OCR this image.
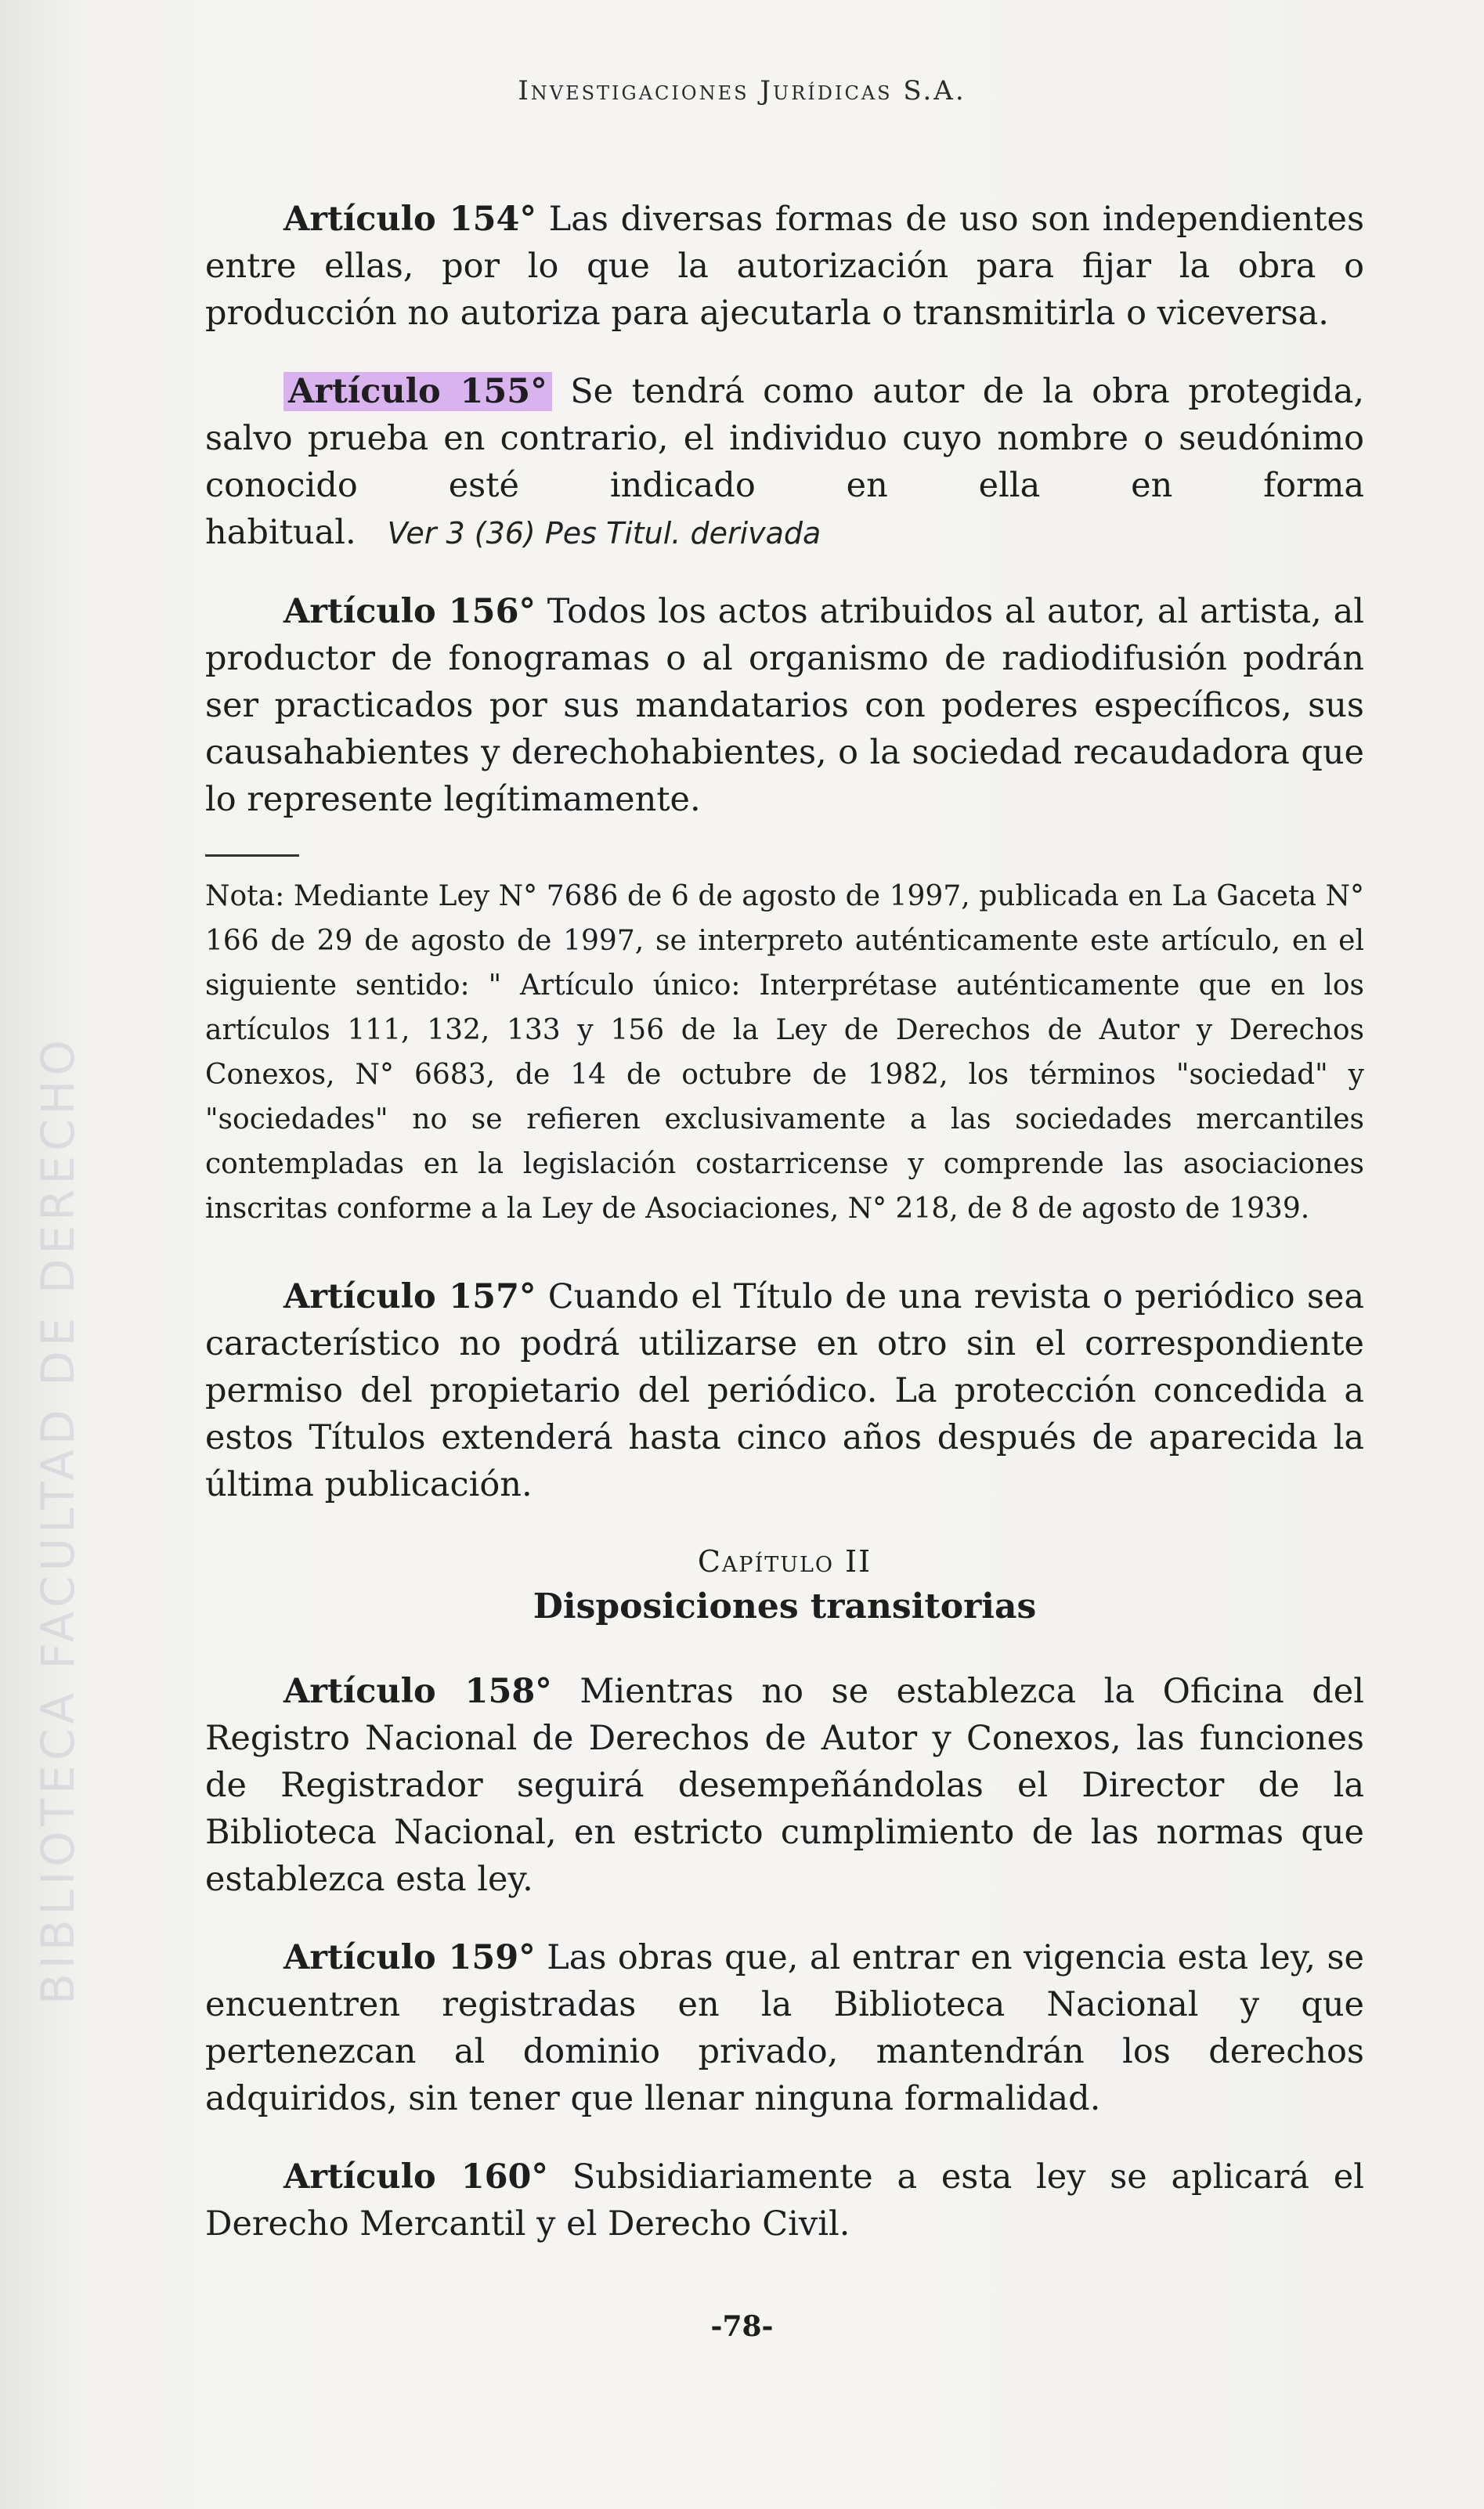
BIBLIOTECA FACULTAD DE DERECHO
Investigaciones Jurídicas S.A.

Artículo 154° Las diversas formas de uso son independientes entre ellas, por lo que la autorización para fijar la obra o producción no autoriza para ajecutarla o transmitirla o viceversa.

Artículo 155° Se tendrá como autor de la obra protegida, salvo prueba en contrario, el individuo cuyo nombre o seudónimo conocido esté indicado en ella en forma habitual. Ver 3 (36) Pes Titul. derivada

Artículo 156° Todos los actos atribuidos al autor, al artista, al productor de fonogramas o al organismo de radiodifusión podrán ser practicados por sus mandatarios con poderes específicos, sus causahabientes y derechohabientes, o la sociedad recaudadora que lo represente legítimamente.

Nota: Mediante Ley N° 7686 de 6 de agosto de 1997, publicada en La Gaceta N° 166 de 29 de agosto de 1997, se interpreto auténticamente este artículo, en el siguiente sentido: " Artículo único: Interprétase auténticamente que en los artículos 111, 132, 133 y 156 de la Ley de Derechos de Autor y Derechos Conexos, N° 6683, de 14 de octubre de 1982, los términos "sociedad" y "sociedades" no se refieren exclusivamente a las sociedades mercantiles contempladas en la legislación costarricense y comprende las asociaciones inscritas conforme a la Ley de Asociaciones, N° 218, de 8 de agosto de 1939.

Artículo 157° Cuando el Título de una revista o periódico sea característico no podrá utilizarse en otro sin el correspondiente permiso del propietario del periódico. La protección concedida a estos Títulos extenderá hasta cinco años después de aparecida la última publicación.

Capítulo II
Disposiciones transitorias

Artículo 158° Mientras no se establezca la Oficina del Registro Nacional de Derechos de Autor y Conexos, las funciones de Registrador seguirá desempeñándolas el Director de la Biblioteca Nacional, en estricto cumplimiento de las normas que establezca esta ley.

Artículo 159° Las obras que, al entrar en vigencia esta ley, se encuentren registradas en la Biblioteca Nacional y que pertenezcan al dominio privado, mantendrán los derechos adquiridos, sin tener que llenar ninguna formalidad.

Artículo 160° Subsidiariamente a esta ley se aplicará el Derecho Mercantil y el Derecho Civil.

-78-
